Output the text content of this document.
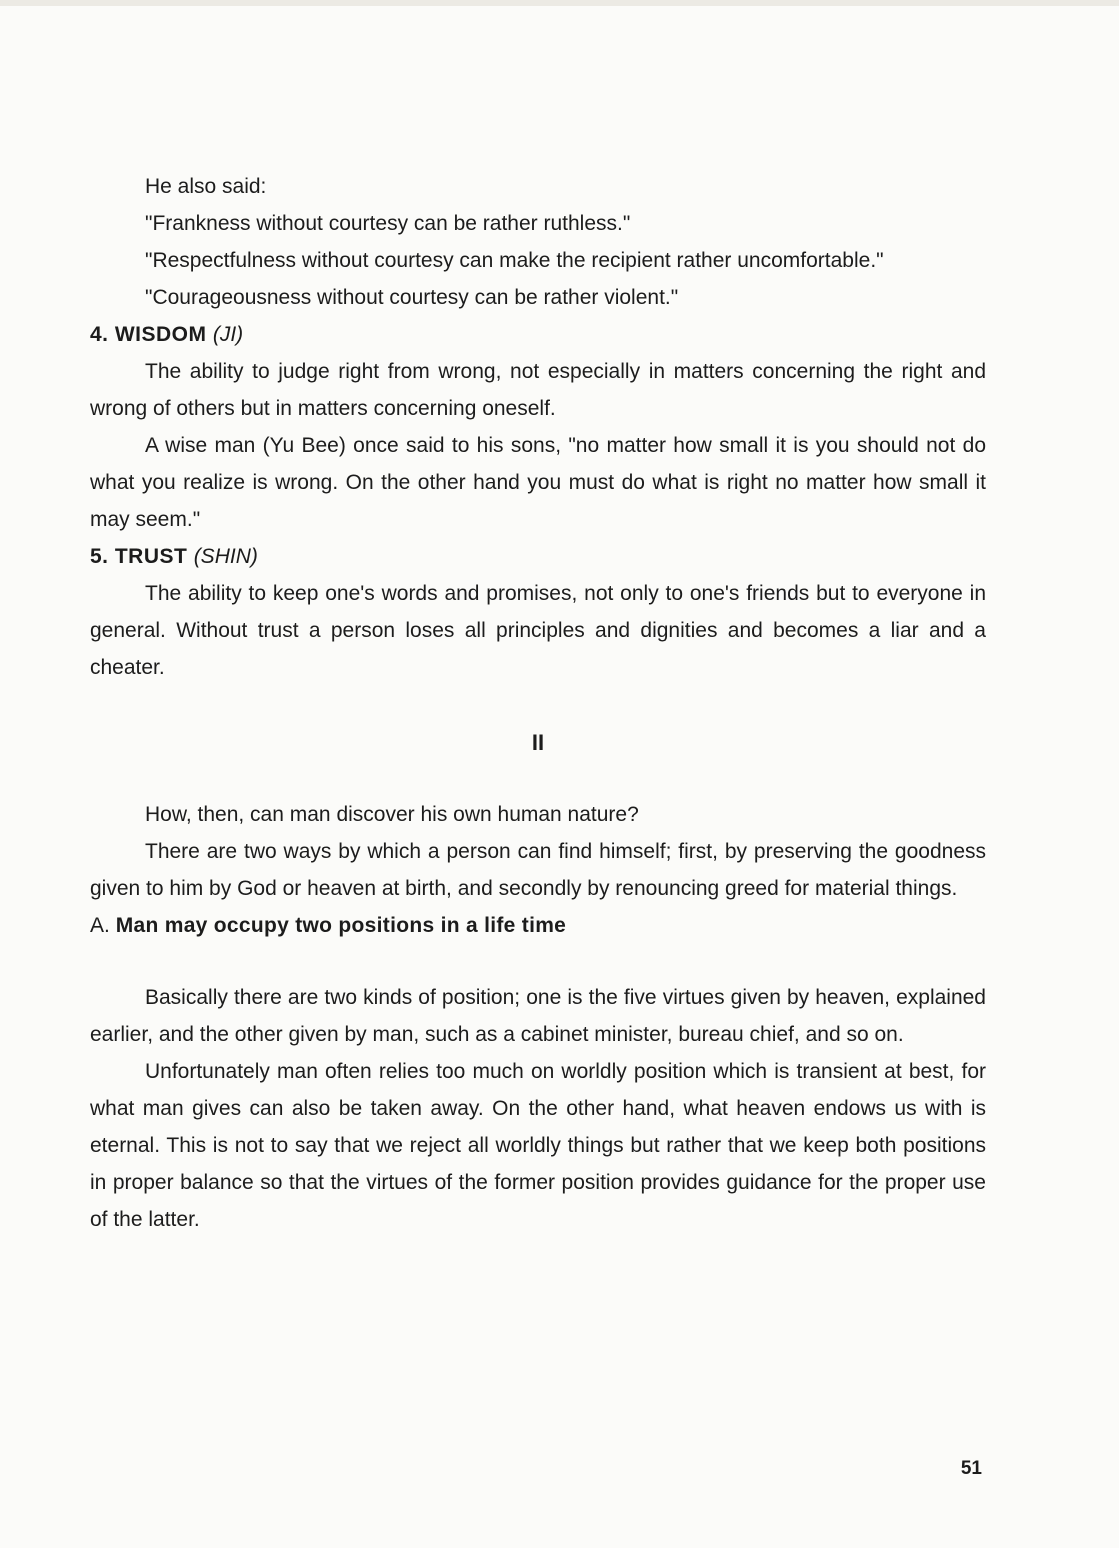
He also said:

"Frankness without courtesy can be rather ruthless."

"Respectfulness without courtesy can make the recipient rather uncomfortable."

"Courageousness without courtesy can be rather violent."

4. WISDOM (JI)

The ability to judge right from wrong, not especially in matters concerning the right and wrong of others but in matters concerning oneself.

A wise man (Yu Bee) once said to his sons, "no matter how small it is you should not do what you realize is wrong. On the other hand you must do what is right no matter how small it may seem."

5. TRUST (SHIN)

The ability to keep one's words and promises, not only to one's friends but to everyone in general. Without trust a person loses all principles and dignities and becomes a liar and a cheater.

II

How, then, can man discover his own human nature?

There are two ways by which a person can find himself; first, by preserving the goodness given to him by God or heaven at birth, and secondly by renouncing greed for material things.

A. Man may occupy two positions in a life time

Basically there are two kinds of position; one is the five virtues given by heaven, explained earlier, and the other given by man, such as a cabinet minister, bureau chief, and so on.

Unfortunately man often relies too much on worldly position which is transient at best, for what man gives can also be taken away. On the other hand, what heaven endows us with is eternal. This is not to say that we reject all worldly things but rather that we keep both positions in proper balance so that the virtues of the former position provides guidance for the proper use of the latter.

51
